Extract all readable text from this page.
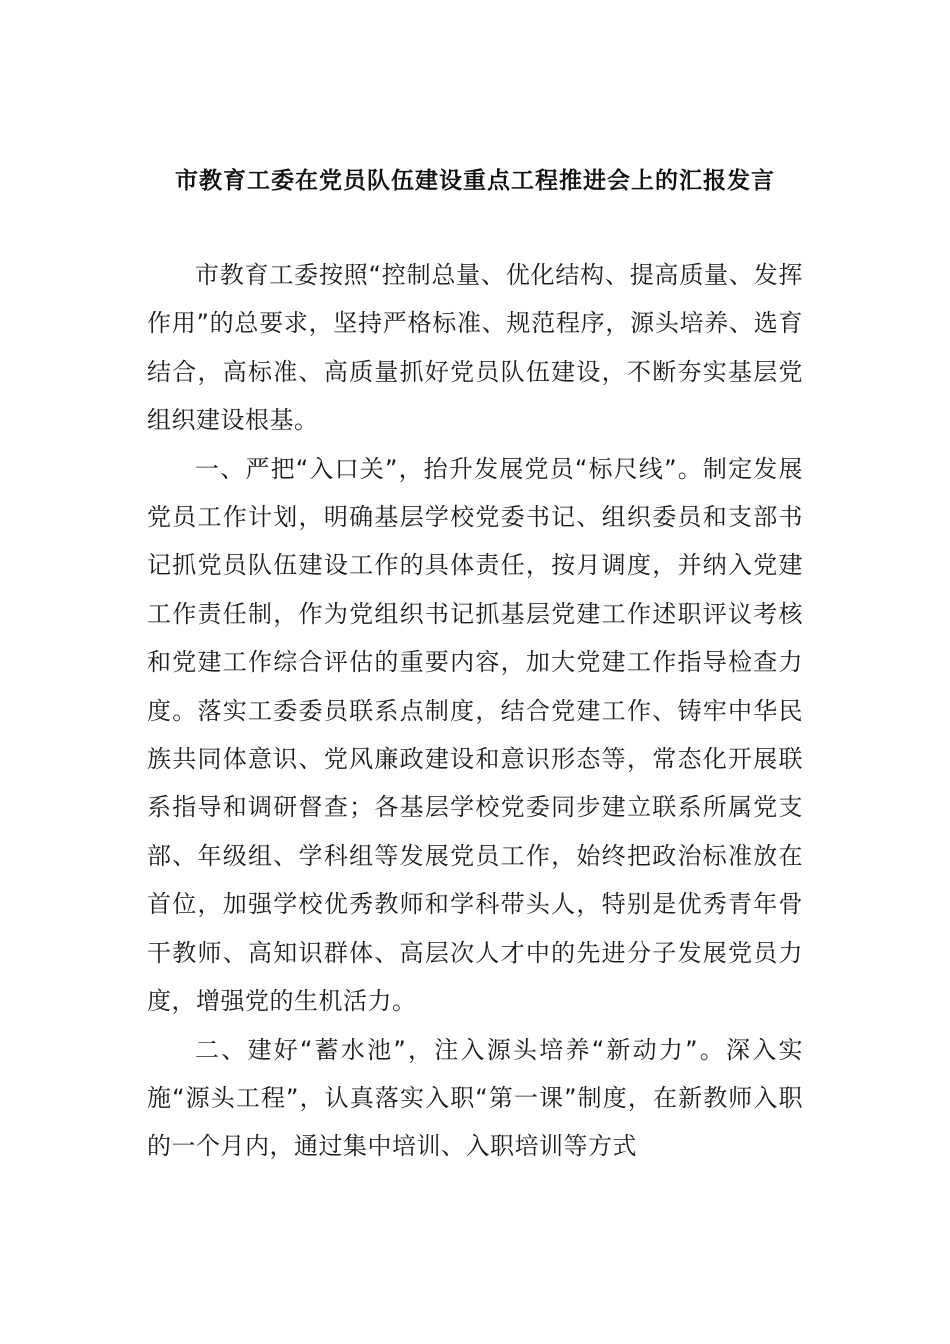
市教育工委在党员队伍建设重点工程推进会上的汇报发言

市教育工委按照“控制总量、优化结构、提高质量、发挥作用”的总要求，坚持严格标准、规范程序，源头培养、选育结合，高标准、高质量抓好党员队伍建设，不断夯实基层党组织建设根基。

一、严把“入口关”，抬升发展党员“标尺线”。制定发展党员工作计划，明确基层学校党委书记、组织委员和支部书记抓党员队伍建设工作的具体责任，按月调度，并纳入党建工作责任制，作为党组织书记抓基层党建工作述职评议考核和党建工作综合评估的重要内容，加大党建工作指导检查力度。落实工委委员联系点制度，结合党建工作、铸牢中华民族共同体意识、党风廉政建设和意识形态等，常态化开展联系指导和调研督查；各基层学校党委同步建立联系所属党支部、年级组、学科组等发展党员工作，始终把政治标准放在首位，加强学校优秀教师和学科带头人，特别是优秀青年骨干教师、高知识群体、高层次人才中的先进分子发展党员力度，增强党的生机活力。

二、建好“蓄水池”，注入源头培养“新动力”。深入实施“源头工程”，认真落实入职“第一课”制度，在新教师入职的一个月内，通过集中培训、入职培训等方式
